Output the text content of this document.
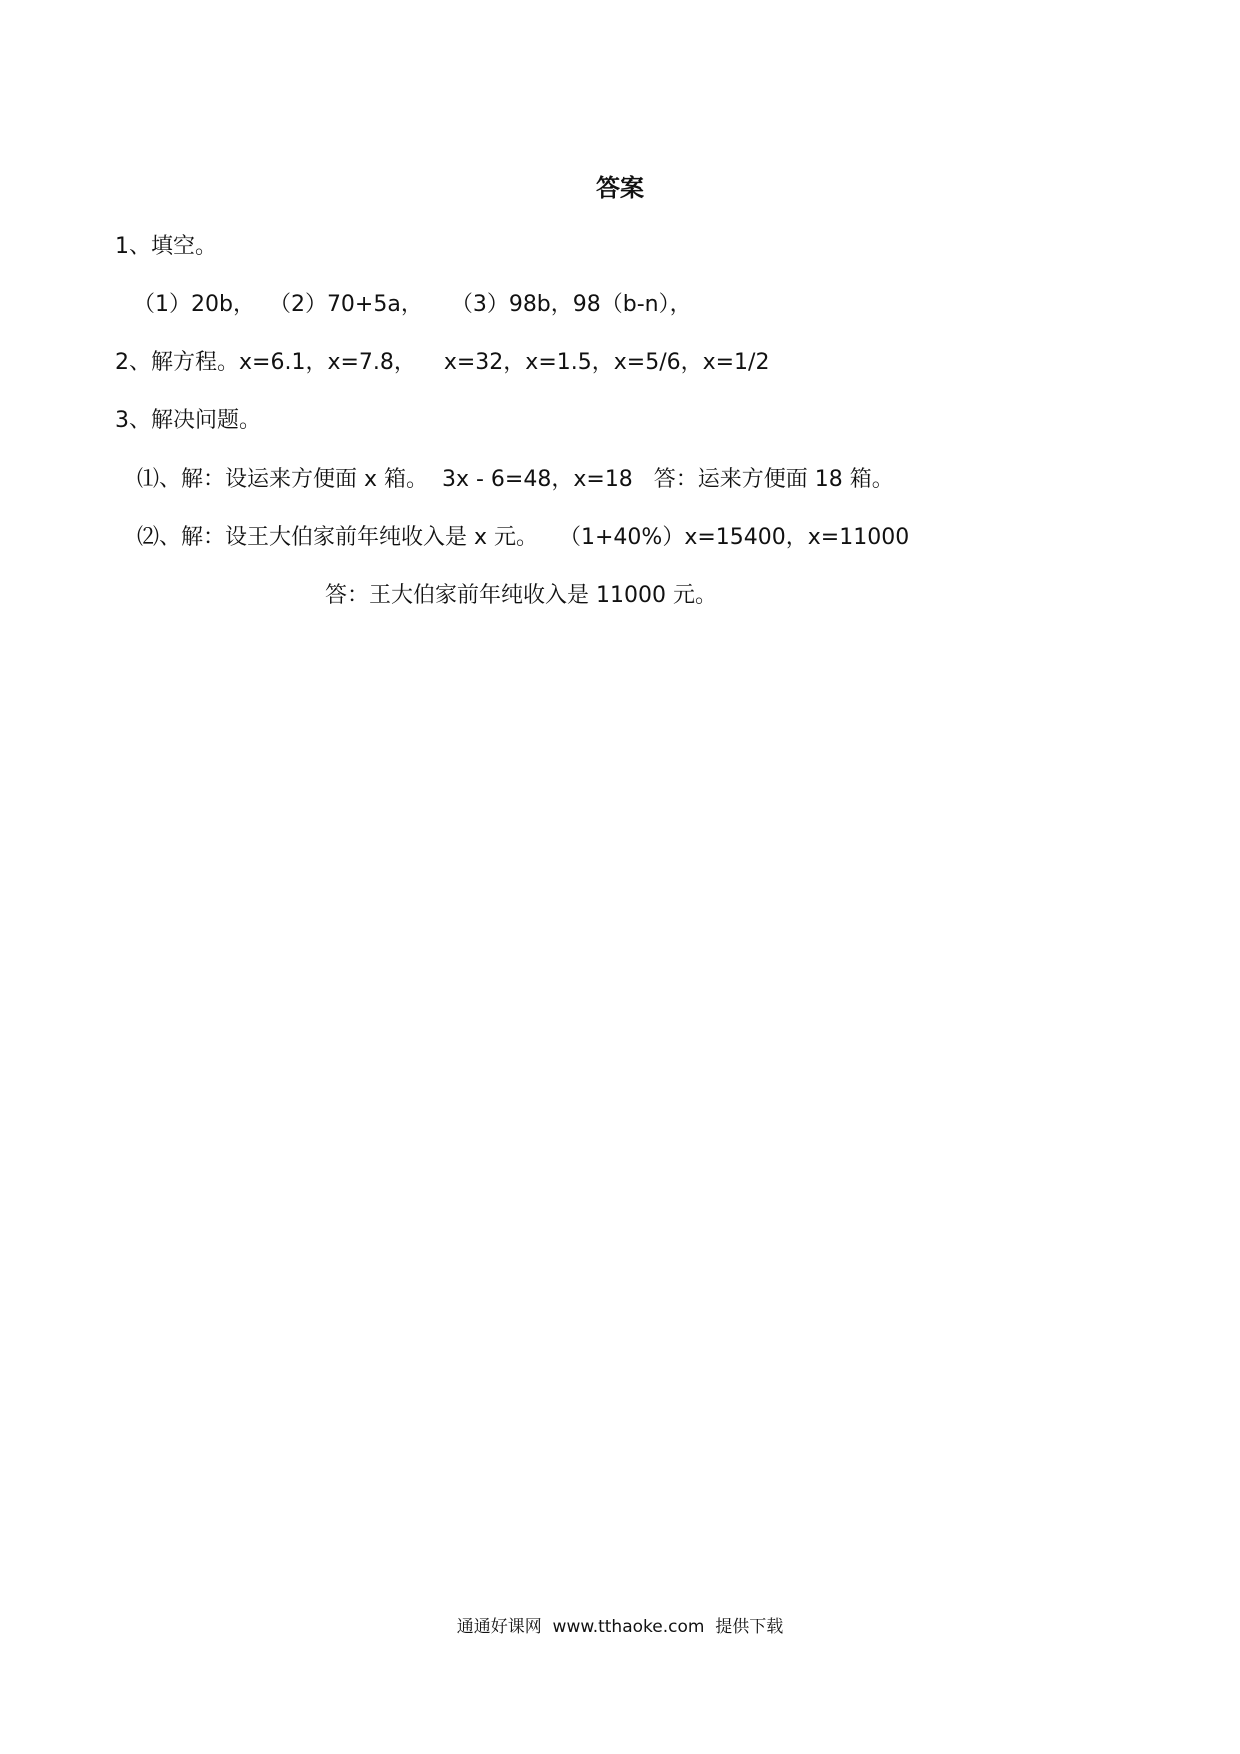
答案
1、填空。
（1）20b，  （2）70+5a，    （3）98b，98（b-n），
2、解方程。x=6.1，x=7.8，    x=32，x=1.5，x=5/6，x=1/2
3、解决问题。
⑴、解：设运来方便面 x 箱。  3x - 6=48，x=18   答：运来方便面 18 箱。
⑵、解：设王大伯家前年纯收入是 x 元。   （1+40%）x=15400，x=11000
答：王大伯家前年纯收入是 11000 元。
通通好课网  www.tthaoke.com  提供下载
